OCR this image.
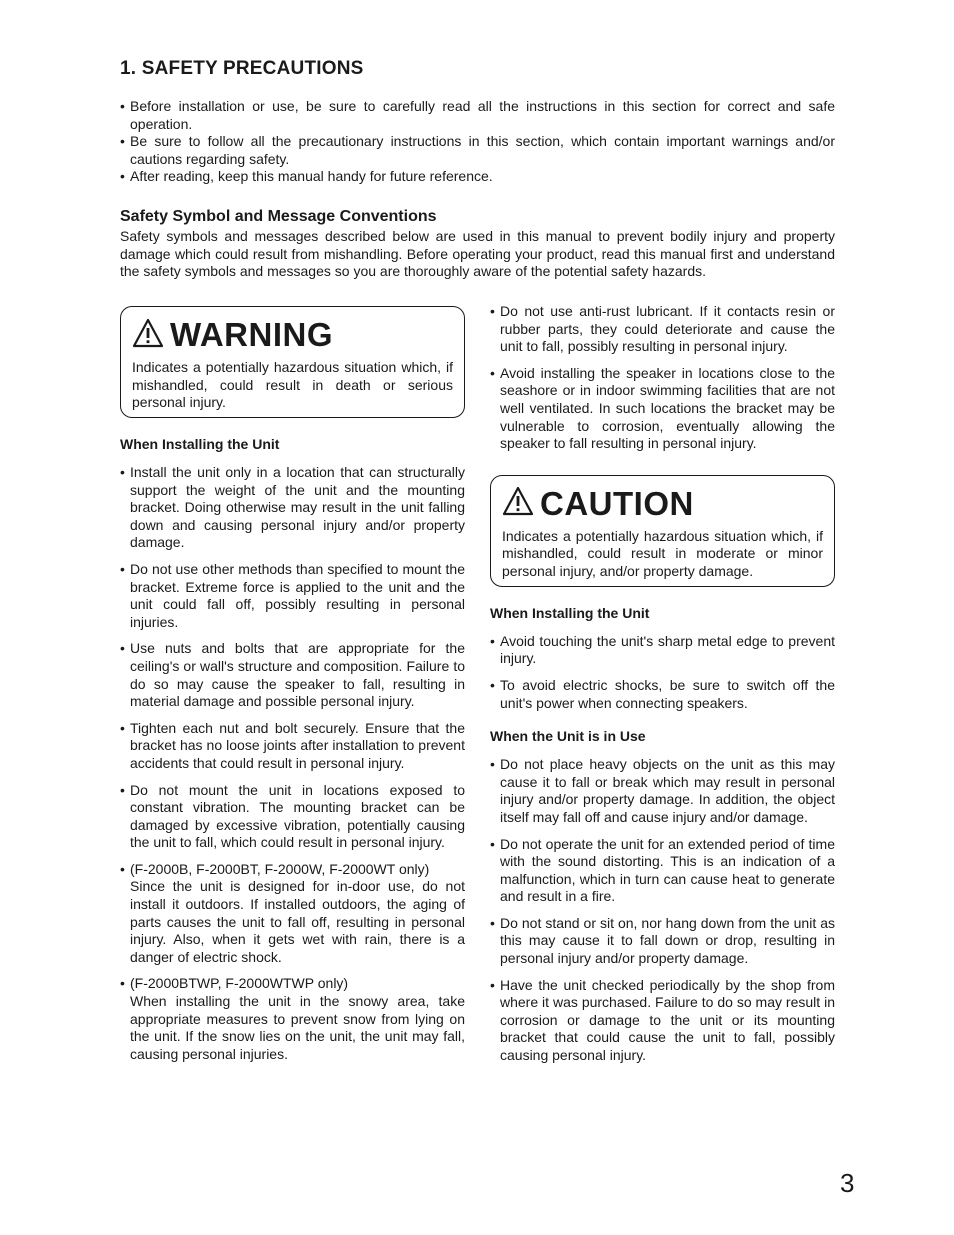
1. SAFETY PRECAUTIONS
• Before installation or use, be sure to carefully read all the instructions in this section for correct and safe operation.
• Be sure to follow all the precautionary instructions in this section, which contain important warnings and/or cautions regarding safety.
• After reading, keep this manual handy for future reference.
Safety Symbol and Message Conventions
Safety symbols and messages described below are used in this manual to prevent bodily injury and property damage which could result from mishandling. Before operating your product, read this manual first and understand the safety symbols and messages so you are thoroughly aware of the potential safety hazards.
WARNING
Indicates a potentially hazardous situation which, if mishandled, could result in death or serious personal injury.

When Installing the Unit

• Install the unit only in a location that can structurally support the weight of the unit and the mounting bracket. Doing otherwise may result in the unit falling down and causing personal injury and/or property damage.
• Do not use other methods than specified to mount the bracket. Extreme force is applied to the unit and the unit could fall off, possibly resulting in personal injuries.
• Use nuts and bolts that are appropriate for the ceiling's or wall's structure and composition. Failure to do so may cause the speaker to fall, resulting in material damage and possible personal injury.
• Tighten each nut and bolt securely. Ensure that the bracket has no loose joints after installation to prevent accidents that could result in personal injury.
• Do not mount the unit in locations exposed to constant vibration. The mounting bracket can be damaged by excessive vibration, potentially causing the unit to fall, which could result in personal injury.
• (F-2000B, F-2000BT, F-2000W, F-2000WT only)
Since the unit is designed for in-door use, do not install it outdoors. If installed outdoors, the aging of parts causes the unit to fall off, resulting in personal injury. Also, when it gets wet with rain, there is a danger of electric shock.
• (F-2000BTWP, F-2000WTWP only)
When installing the unit in the snowy area, take appropriate measures to prevent snow from lying on the unit. If the snow lies on the unit, the unit may fall, causing personal injuries.
• Do not use anti-rust lubricant. If it contacts resin or rubber parts, they could deteriorate and cause the unit to fall, possibly resulting in personal injury.
• Avoid installing the speaker in locations close to the seashore or in indoor swimming facilities that are not well ventilated. In such locations the bracket may be vulnerable to corrosion, eventually allowing the speaker to fall resulting in personal injury.
CAUTION
Indicates a potentially hazardous situation which, if mishandled, could result in moderate or minor personal injury, and/or property damage.

When Installing the Unit

• Avoid touching the unit's sharp metal edge to prevent injury.
• To avoid electric shocks, be sure to switch off the unit's power when connecting speakers.

When the Unit is in Use

• Do not place heavy objects on the unit as this may cause it to fall or break which may result in personal injury and/or property damage. In addition, the object itself may fall off and cause injury and/or damage.
• Do not operate the unit for an extended period of time with the sound distorting. This is an indication of a malfunction, which in turn can cause heat to generate and result in a fire.
• Do not stand or sit on, nor hang down from the unit as this may cause it to fall down or drop, resulting in personal injury and/or property damage.
• Have the unit checked periodically by the shop from where it was purchased. Failure to do so may result in corrosion or damage to the unit or its mounting bracket that could cause the unit to fall, possibly causing personal injury.
3
